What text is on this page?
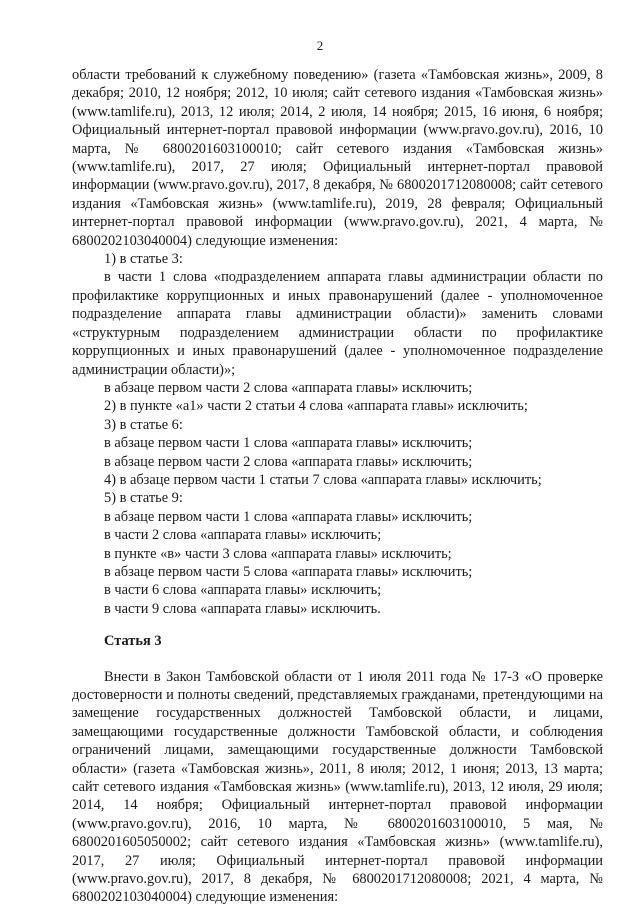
2

области требований к служебному поведению» (газета «Тамбовская жизнь», 2009, 8 декабря; 2010, 12 ноября; 2012, 10 июля; сайт сетевого издания «Тамбовская жизнь» (www.tamlife.ru), 2013, 12 июля; 2014, 2 июля, 14 ноября; 2015, 16 июня, 6 ноября; Официальный интернет-портал правовой информации (www.pravo.gov.ru), 2016, 10 марта, № 6800201603100010; сайт сетевого издания «Тамбовская жизнь» (www.tamlife.ru), 2017, 27 июля; Официальный интернет-портал правовой информации (www.pravo.gov.ru), 2017, 8 декабря, № 6800201712080008; сайт сетевого издания «Тамбовская жизнь» (www.tamlife.ru), 2019, 28 февраля; Официальный интернет-портал правовой информации (www.pravo.gov.ru), 2021, 4 марта, № 6800202103040004) следующие изменения:

1) в статье 3:

в части 1 слова «подразделением аппарата главы администрации области по профилактике коррупционных и иных правонарушений (далее - уполномоченное подразделение аппарата главы администрации области)» заменить словами «структурным подразделением администрации области по профилактике коррупционных и иных правонарушений (далее - уполномоченное подразделение администрации области)»;

в абзаце первом части 2 слова «аппарата главы» исключить;

2) в пункте «а1» части 2 статьи 4 слова «аппарата главы» исключить;

3) в статье 6:

в абзаце первом части 1 слова «аппарата главы» исключить;

в абзаце первом части 2 слова «аппарата главы» исключить;

4) в абзаце первом части 1 статьи 7 слова «аппарата главы» исключить;

5) в статье 9:

в абзаце первом части 1 слова «аппарата главы» исключить;

в части 2 слова «аппарата главы» исключить;

в пункте «в» части 3 слова «аппарата главы» исключить;

в абзаце первом части 5 слова «аппарата главы» исключить;

в части 6 слова «аппарата главы» исключить;

в части 9 слова «аппарата главы» исключить.

Статья 3

Внести в Закон Тамбовской области от 1 июля 2011 года № 17-З «О проверке достоверности и полноты сведений, представляемых гражданами, претендующими на замещение государственных должностей Тамбовской области, и лицами, замещающими государственные должности Тамбовской области, и соблюдения ограничений лицами, замещающими государственные должности Тамбовской области» (газета «Тамбовская жизнь», 2011, 8 июля; 2012, 1 июня; 2013, 13 марта; сайт сетевого издания «Тамбовская жизнь» (www.tamlife.ru), 2013, 12 июля, 29 июля; 2014, 14 ноября; Официальный интернет-портал правовой информации (www.pravo.gov.ru), 2016, 10 марта, № 6800201603100010, 5 мая, № 6800201605050002; сайт сетевого издания «Тамбовская жизнь» (www.tamlife.ru), 2017, 27 июля; Официальный интернет-портал правовой информации (www.pravo.gov.ru), 2017, 8 декабря, № 6800201712080008; 2021, 4 марта, № 6800202103040004) следующие изменения:
